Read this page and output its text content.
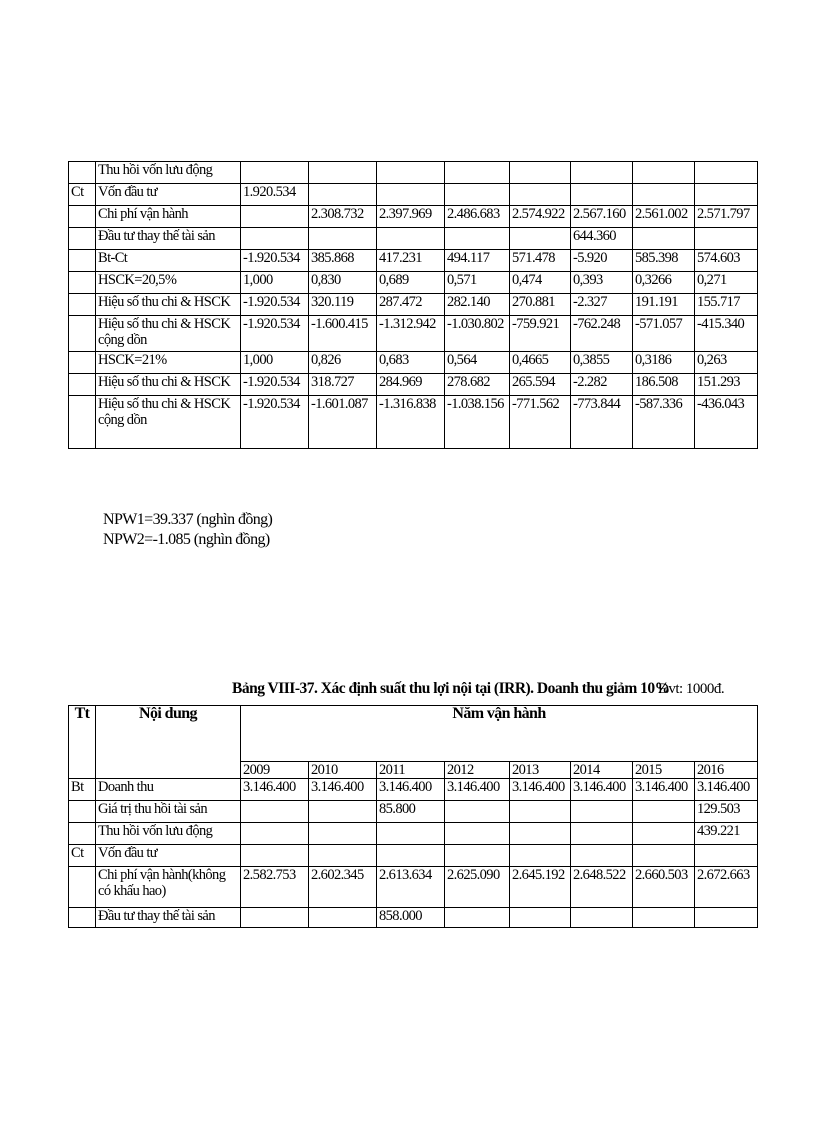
	Thu hồi vốn lưu động								
Ct	Vốn đầu tư	1.920.534							
	Chi phí vận hành		2.308.732	2.397.969	2.486.683	2.574.922	2.567.160	2.561.002	2.571.797
	Đầu tư thay thế tài sản						644.360		
	Bt-Ct	-1.920.534	385.868	417.231	494.117	571.478	-5.920	585.398	574.603
	HSCK=20,5%	1,000	0,830	0,689	0,571	0,474	0,393	0,3266	0,271
	Hiệu số thu chi & HSCK	-1.920.534	320.119	287.472	282.140	270.881	-2.327	191.191	155.717
	Hiệu số thu chi & HSCK cộng dồn	-1.920.534	-1.600.415	-1.312.942	-1.030.802	-759.921	-762.248	-571.057	-415.340
	HSCK=21%	1,000	0,826	0,683	0,564	0,4665	0,3855	0,3186	0,263
	Hiệu số thu chi & HSCK	-1.920.534	318.727	284.969	278.682	265.594	-2.282	186.508	151.293
	Hiệu số thu chi & HSCK cộng dồn	-1.920.534	-1.601.087	-1.316.838	-1.038.156	-771.562	-773.844	-587.336	-436.043
NPW1=39.337 (nghìn đồng)
NPW2=-1.085 (nghìn đồng)
Bảng VIII-37. Xác định suất thu lợi nội tại (IRR). Doanh thu giảm 10%
Đvt: 1000đ.
Tt	Nội dung	Năm vận hành							
		2009	2010	2011	2012	2013	2014	2015	2016
Bt	Doanh thu	3.146.400	3.146.400	3.146.400	3.146.400	3.146.400	3.146.400	3.146.400	3.146.400
	Giá trị thu hồi tài sản			85.800					129.503
	Thu hồi vốn lưu động								439.221
Ct	Vốn đầu tư								
	Chi phí vận hành(không có khấu hao)	2.582.753	2.602.345	2.613.634	2.625.090	2.645.192	2.648.522	2.660.503	2.672.663
	Đầu tư thay thế tài sản			858.000					
